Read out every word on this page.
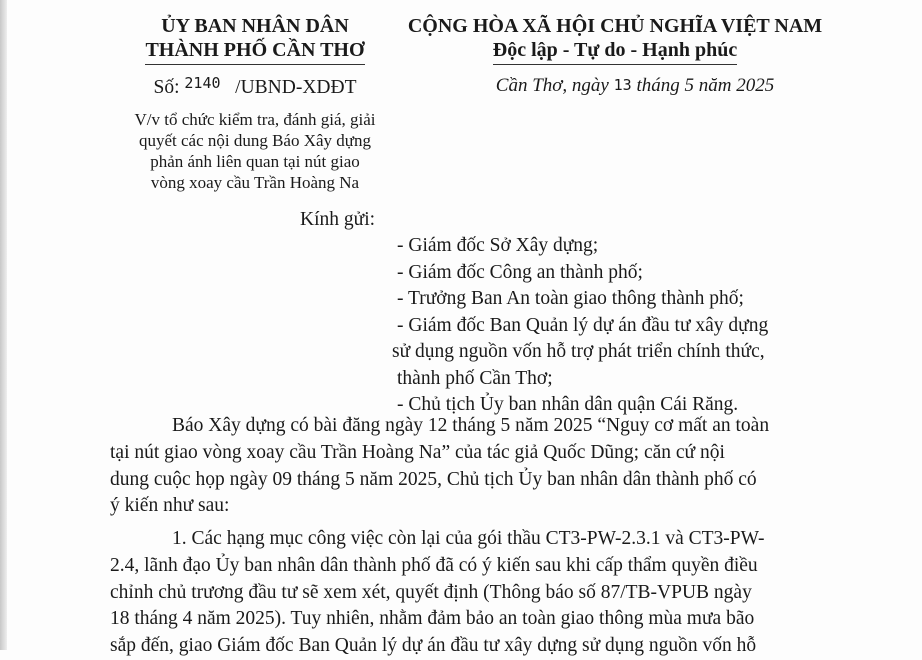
ỦY BAN NHÂN DÂN
THÀNH PHỐ CẦN THƠ
Số: $^{2140}$ /UBND-XDĐT
V/v tổ chức kiểm tra, đánh giá, giải
quyết các nội dung Báo Xây dựng
phản ánh liên quan tại nút giao
vòng xoay cầu Trần Hoàng Na
CỘNG HÒA XÃ HỘI CHỦ NGHĨA VIỆT NAM
Độc lập - Tự do - Hạnh phúc
Cần Thơ, ngày 13 tháng 5 năm 2025
Kính gửi:
- Giám đốc Sở Xây dựng;
- Giám đốc Công an thành phố;
- Trưởng Ban An toàn giao thông thành phố;
- Giám đốc Ban Quản lý dự án đầu tư xây dựng
sử dụng nguồn vốn hỗ trợ phát triển chính thức,
thành phố Cần Thơ;
- Chủ tịch Ủy ban nhân dân quận Cái Răng.
Báo Xây dựng có bài đăng ngày 12 tháng 5 năm 2025 “Nguy cơ mất an toàn
tại nút giao vòng xoay cầu Trần Hoàng Na” của tác giả Quốc Dũng; căn cứ nội
dung cuộc họp ngày 09 tháng 5 năm 2025, Chủ tịch Ủy ban nhân dân thành phố có
ý kiến như sau:
1. Các hạng mục công việc còn lại của gói thầu CT3-PW-2.3.1 và CT3-PW-
2.4, lãnh đạo Ủy ban nhân dân thành phố đã có ý kiến sau khi cấp thẩm quyền điều
chỉnh chủ trương đầu tư sẽ xem xét, quyết định (Thông báo số 87/TB-VPUB ngày
18 tháng 4 năm 2025). Tuy nhiên, nhằm đảm bảo an toàn giao thông mùa mưa bão
sắp đến, giao Giám đốc Ban Quản lý dự án đầu tư xây dựng sử dụng nguồn vốn hỗ
